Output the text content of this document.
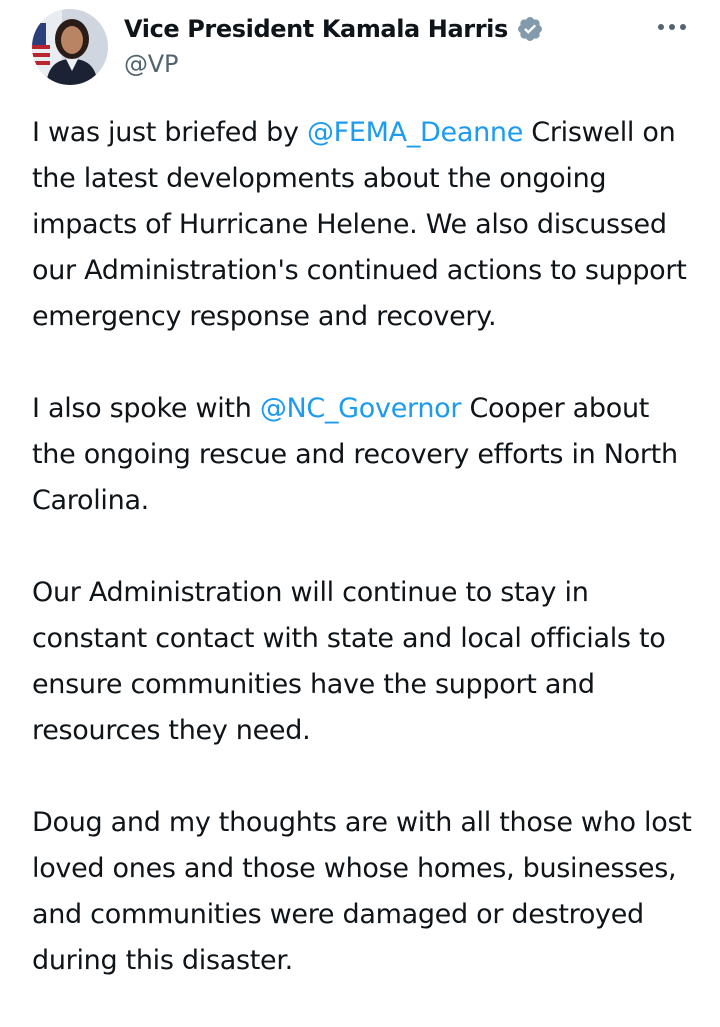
Vice President Kamala Harris
@VP

I was just briefed by @FEMA_Deanne Criswell on the latest developments about the ongoing impacts of Hurricane Helene. We also discussed our Administration's continued actions to support emergency response and recovery.

I also spoke with @NC_Governor Cooper about the ongoing rescue and recovery efforts in North Carolina.

Our Administration will continue to stay in constant contact with state and local officials to ensure communities have the support and resources they need.

Doug and my thoughts are with all those who lost loved ones and those whose homes, businesses, and communities were damaged or destroyed during this disaster.
